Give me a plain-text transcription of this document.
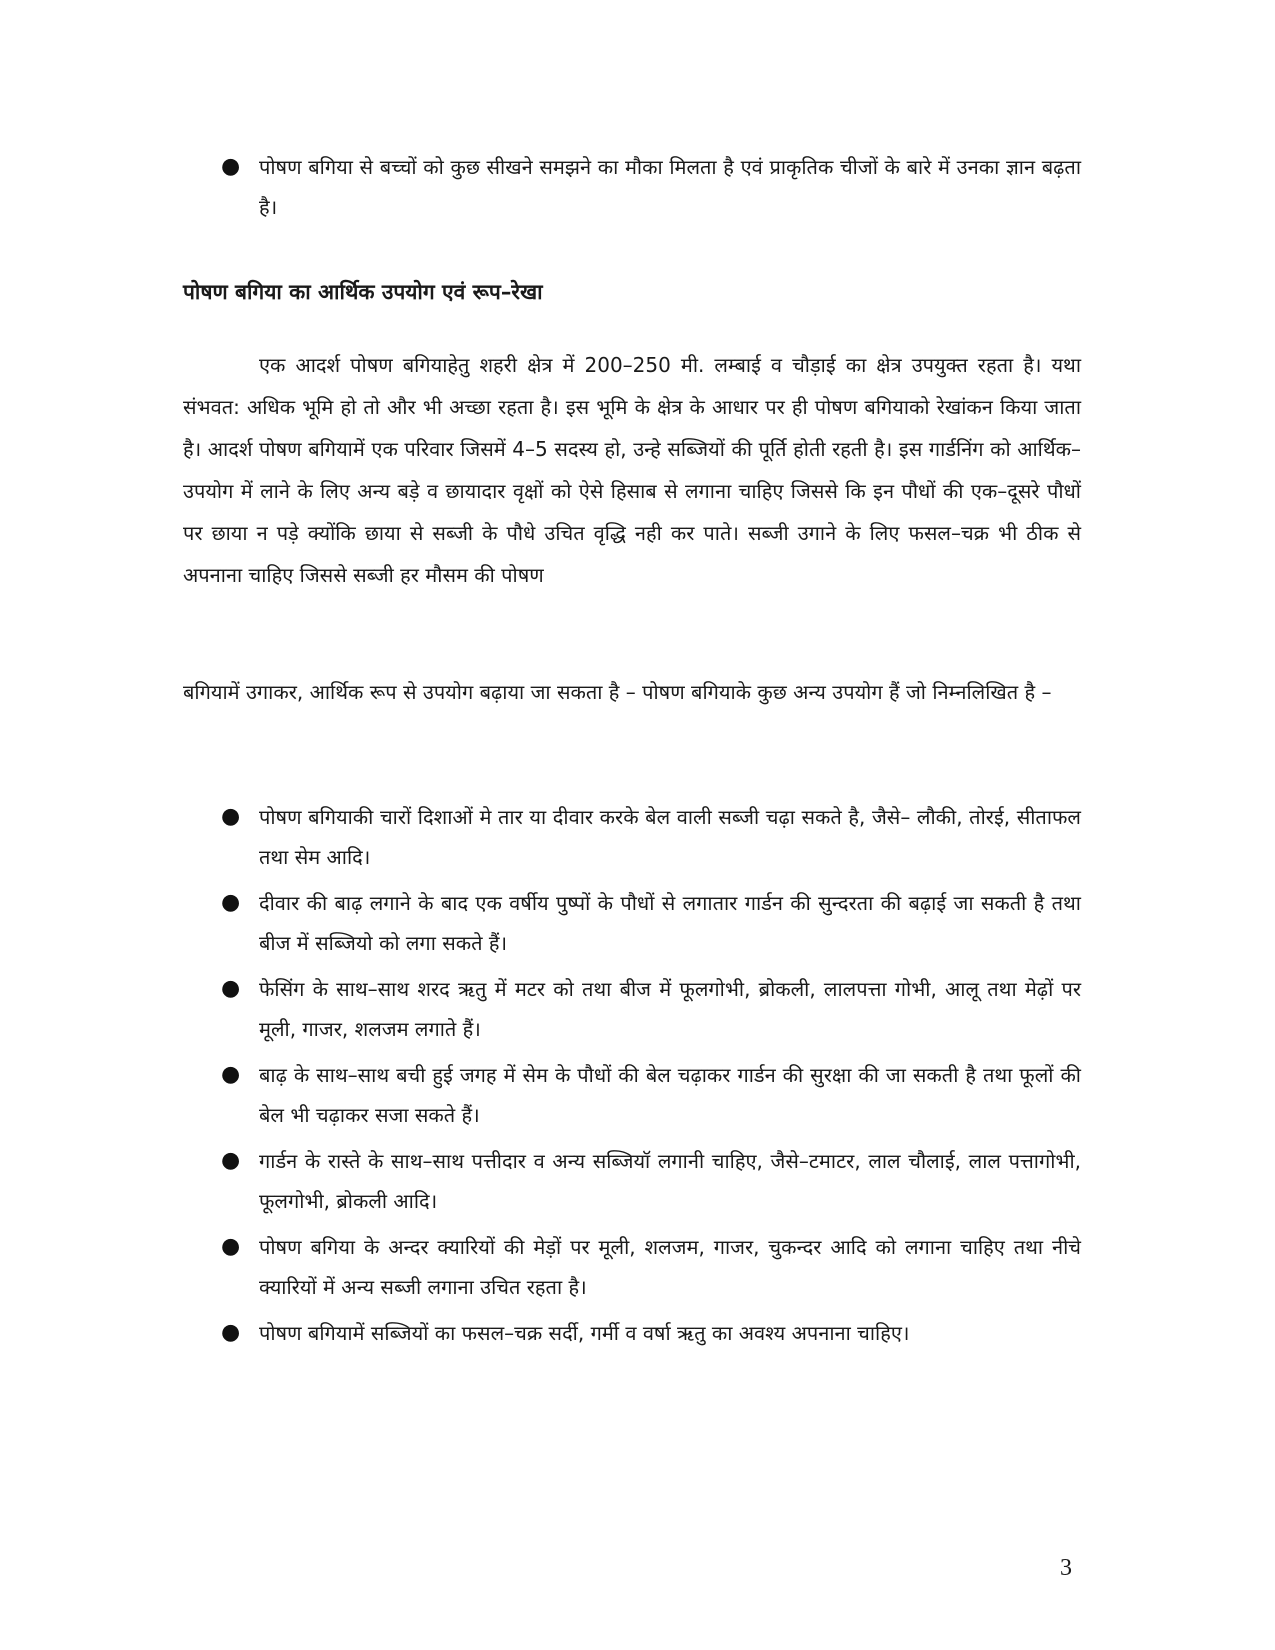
● पोषण बगिया से बच्चों को कुछ सीखने समझने का मौका मिलता है एवं प्राकृतिक चीजों के बारे में उनका ज्ञान बढ़ता है।
पोषण बगिया का आर्थिक उपयोग एवं रूप–रेखा
एक आदर्श पोषण बगियाहेतु शहरी क्षेत्र में 200–250 मी. लम्बाई व चौड़ाई का क्षेत्र उपयुक्त रहता है। यथा संभवत: अधिक भूमि हो तो और भी अच्छा रहता है। इस भूमि के क्षेत्र के आधार पर ही पोषण बगियाको रेखांकन किया जाता है। आदर्श पोषण बगियामें एक परिवार जिसमें 4–5 सदस्य हो, उन्हे सब्जियों की पूर्ति होती रहती है। इस गार्डनिंग को आर्थिक–उपयोग में लाने के लिए अन्य बड़े व छायादार वृक्षों को ऐसे हिसाब से लगाना चाहिए जिससे कि इन पौधों की एक–दूसरे पौधों पर छाया न पड़े क्योंकि छाया से सब्जी के पौधे उचित वृद्धि नही कर पाते। सब्जी उगाने के लिए फसल–चक्र भी ठीक से अपनाना चाहिए जिससे सब्जी हर मौसम की पोषण
बगियामें उगाकर, आर्थिक रूप से उपयोग बढ़ाया जा सकता है – पोषण बगियाके कुछ अन्य उपयोग हैं जो निम्नलिखित है –
● पोषण बगियाकी चारों दिशाओं मे तार या दीवार करके बेल वाली सब्जी चढ़ा सकते है, जैसे– लौकी, तोरई, सीताफल तथा सेम आदि।
● दीवार की बाढ़ लगाने के बाद एक वर्षीय पुष्पों के पौधों से लगातार गार्डन की सुन्दरता की बढ़ाई जा सकती है तथा बीज में सब्जियो को लगा सकते हैं।
● फेसिंग के साथ–साथ शरद ऋतु में मटर को तथा बीज में फूलगोभी, ब्रोकली, लालपत्ता गोभी, आलू तथा मेढ़ों पर मूली, गाजर, शलजम लगाते हैं।
● बाढ़ के साथ–साथ बची हुई जगह में सेम के पौधों की बेल चढ़ाकर गार्डन की सुरक्षा की जा सकती है तथा फूलों की बेल भी चढ़ाकर सजा सकते हैं।
● गार्डन के रास्ते के साथ–साथ पत्तीदार व अन्य सब्जियॉ लगानी चाहिए, जैसे–टमाटर, लाल चौलाई, लाल पत्तागोभी, फूलगोभी, ब्रोकली आदि।
● पोषण बगिया के अन्दर क्यारियों की मेड़ों पर मूली, शलजम, गाजर, चुकन्दर आदि को लगाना चाहिए तथा नीचे क्यारियों में अन्य सब्जी लगाना उचित रहता है।
● पोषण बगियामें सब्जियों का फसल–चक्र सर्दी, गर्मी व वर्षा ऋतु का अवश्य अपनाना चाहिए।
3
